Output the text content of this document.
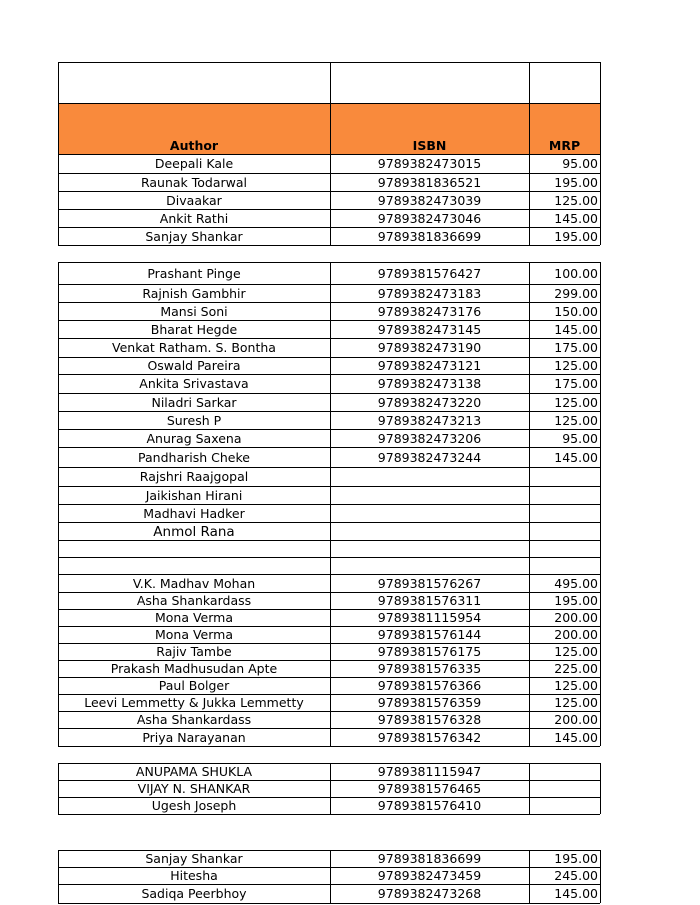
Author	ISBN	MRP
Deepali Kale	9789382473015	95.00
Raunak Todarwal	9789381836521	195.00
Divaakar	9789382473039	125.00
Ankit Rathi	9789382473046	145.00
Sanjay Shankar	9789381836699	195.00
Prashant Pinge	9789381576427	100.00
Rajnish Gambhir	9789382473183	299.00
Mansi Soni	9789382473176	150.00
Bharat Hegde	9789382473145	145.00
Venkat Ratham. S. Bontha	9789382473190	175.00
Oswald Pareira	9789382473121	125.00
Ankita Srivastava	9789382473138	175.00
Niladri Sarkar	9789382473220	125.00
Suresh P	9789382473213	125.00
Anurag Saxena	9789382473206	95.00
Pandharish Cheke	9789382473244	145.00
Rajshri Raajgopal
Jaikishan Hirani
Madhavi Hadker
Anmol Rana
V.K. Madhav Mohan	9789381576267	495.00
Asha Shankardass	9789381576311	195.00
Mona Verma	9789381115954	200.00
Mona Verma	9789381576144	200.00
Rajiv Tambe	9789381576175	125.00
Prakash Madhusudan Apte	9789381576335	225.00
Paul Bolger	9789381576366	125.00
Leevi Lemmetty & Jukka Lemmetty	9789381576359	125.00
Asha Shankardass	9789381576328	200.00
Priya Narayanan	9789381576342	145.00
ANUPAMA SHUKLA	9789381115947
VIJAY N. SHANKAR	9789381576465
Ugesh Joseph	9789381576410
Sanjay Shankar	9789381836699	195.00
Hitesha	9789382473459	245.00
Sadiqa Peerbhoy	9789382473268	145.00
